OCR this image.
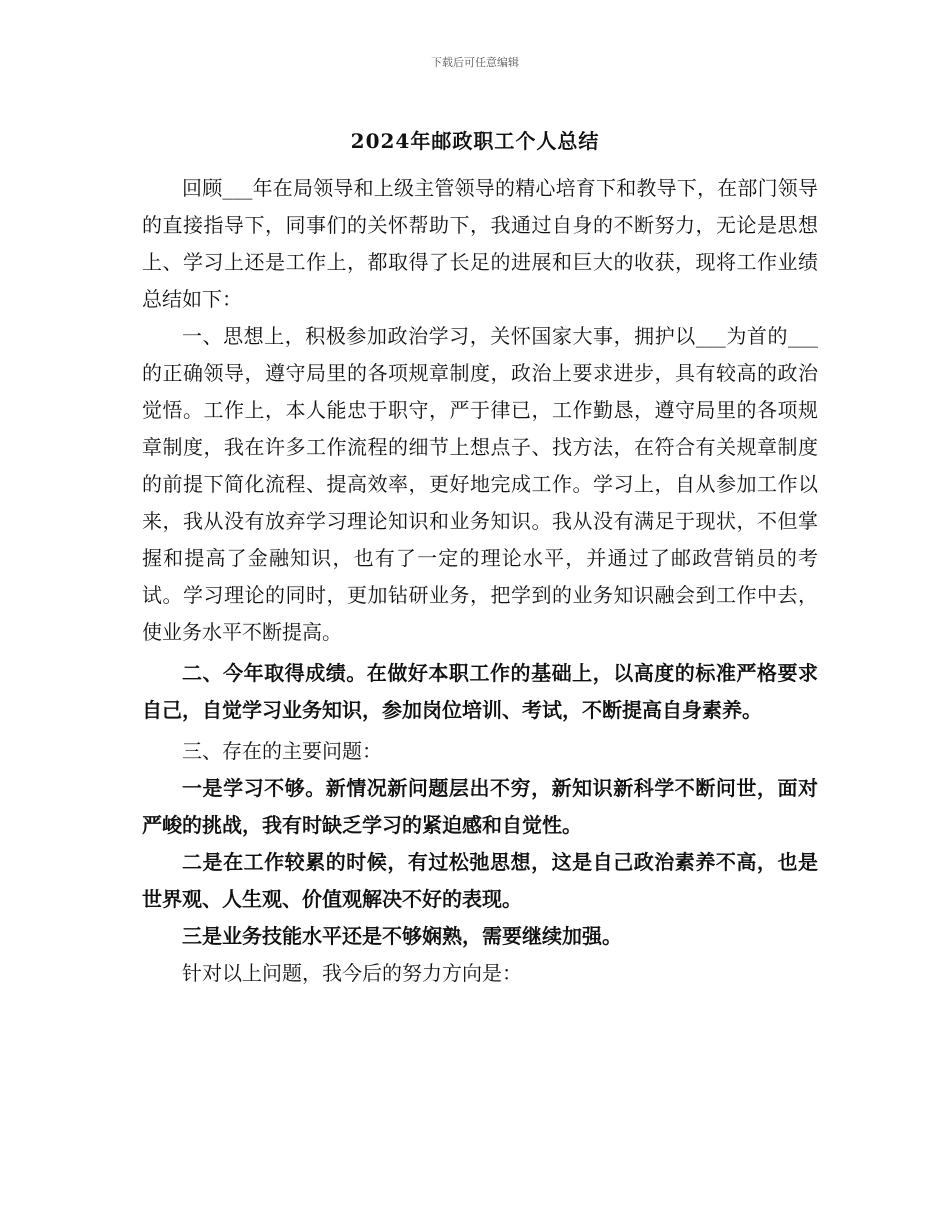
下载后可任意编辑
2024年邮政职工个人总结

回顾___年在局领导和上级主管领导的精心培育下和教导下，在部门领导的直接指导下，同事们的关怀帮助下，我通过自身的不断努力，无论是思想上、学习上还是工作上，都取得了长足的进展和巨大的收获，现将工作业绩总结如下：

一、思想上，积极参加政治学习，关怀国家大事，拥护以___为首的___的正确领导，遵守局里的各项规章制度，政治上要求进步，具有较高的政治觉悟。工作上，本人能忠于职守，严于律已，工作勤恳，遵守局里的各项规章制度，我在许多工作流程的细节上想点子、找方法，在符合有关规章制度的前提下简化流程、提高效率，更好地完成工作。学习上，自从参加工作以来，我从没有放弃学习理论知识和业务知识。我从没有满足于现状，不但掌握和提高了金融知识，也有了一定的理论水平，并通过了邮政营销员的考试。学习理论的同时，更加钻研业务，把学到的业务知识融会到工作中去，使业务水平不断提高。

二、今年取得成绩。在做好本职工作的基础上，以高度的标准严格要求自己，自觉学习业务知识，参加岗位培训、考试，不断提高自身素养。

三、存在的主要问题：

一是学习不够。新情况新问题层出不穷，新知识新科学不断问世，面对严峻的挑战，我有时缺乏学习的紧迫感和自觉性。

二是在工作较累的时候，有过松弛思想，这是自己政治素养不高，也是世界观、人生观、价值观解决不好的表现。

三是业务技能水平还是不够娴熟，需要继续加强。

针对以上问题，我今后的努力方向是：
